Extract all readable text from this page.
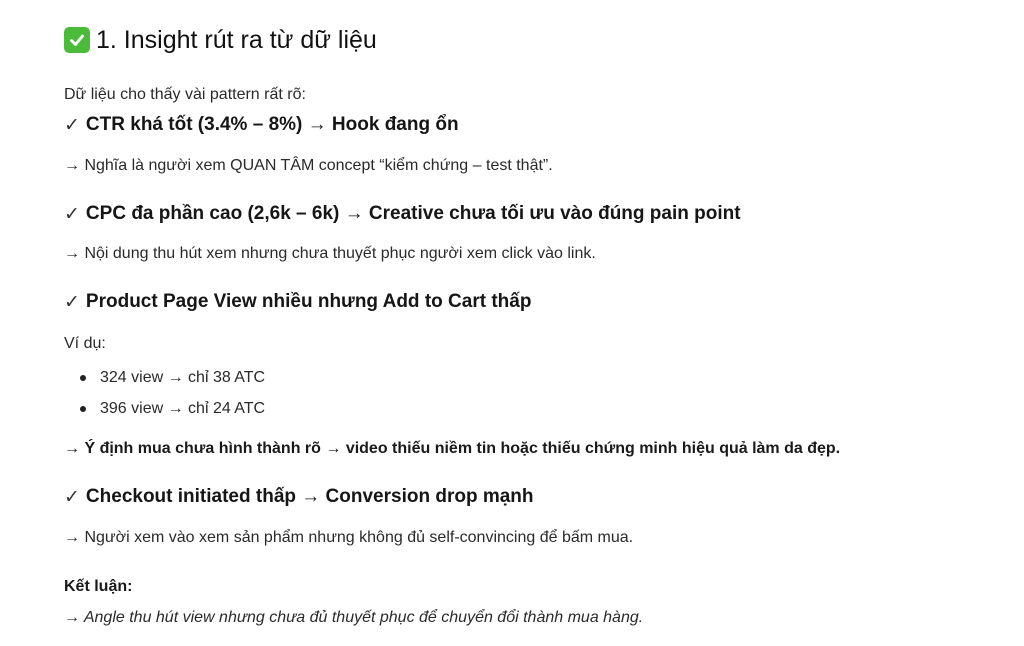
1. Insight rút ra từ dữ liệu
Dữ liệu cho thấy vài pattern rất rõ:
✓ CTR khá tốt (3.4% – 8%) → Hook đang ổn
→ Nghĩa là người xem QUAN TÂM concept “kiểm chứng – test thật”.
✓ CPC đa phần cao (2,6k – 6k) → Creative chưa tối ưu vào đúng pain point
→ Nội dung thu hút xem nhưng chưa thuyết phục người xem click vào link.
✓ Product Page View nhiều nhưng Add to Cart thấp
Ví dụ:
324 view → chỉ 38 ATC
396 view → chỉ 24 ATC
→ Ý định mua chưa hình thành rõ → video thiếu niềm tin hoặc thiếu chứng minh hiệu quả làm da đẹp.
✓ Checkout initiated thấp → Conversion drop mạnh
→ Người xem vào xem sản phẩm nhưng không đủ self-convincing để bấm mua.
Kết luận:
→ Angle thu hút view nhưng chưa đủ thuyết phục để chuyển đổi thành mua hàng.
